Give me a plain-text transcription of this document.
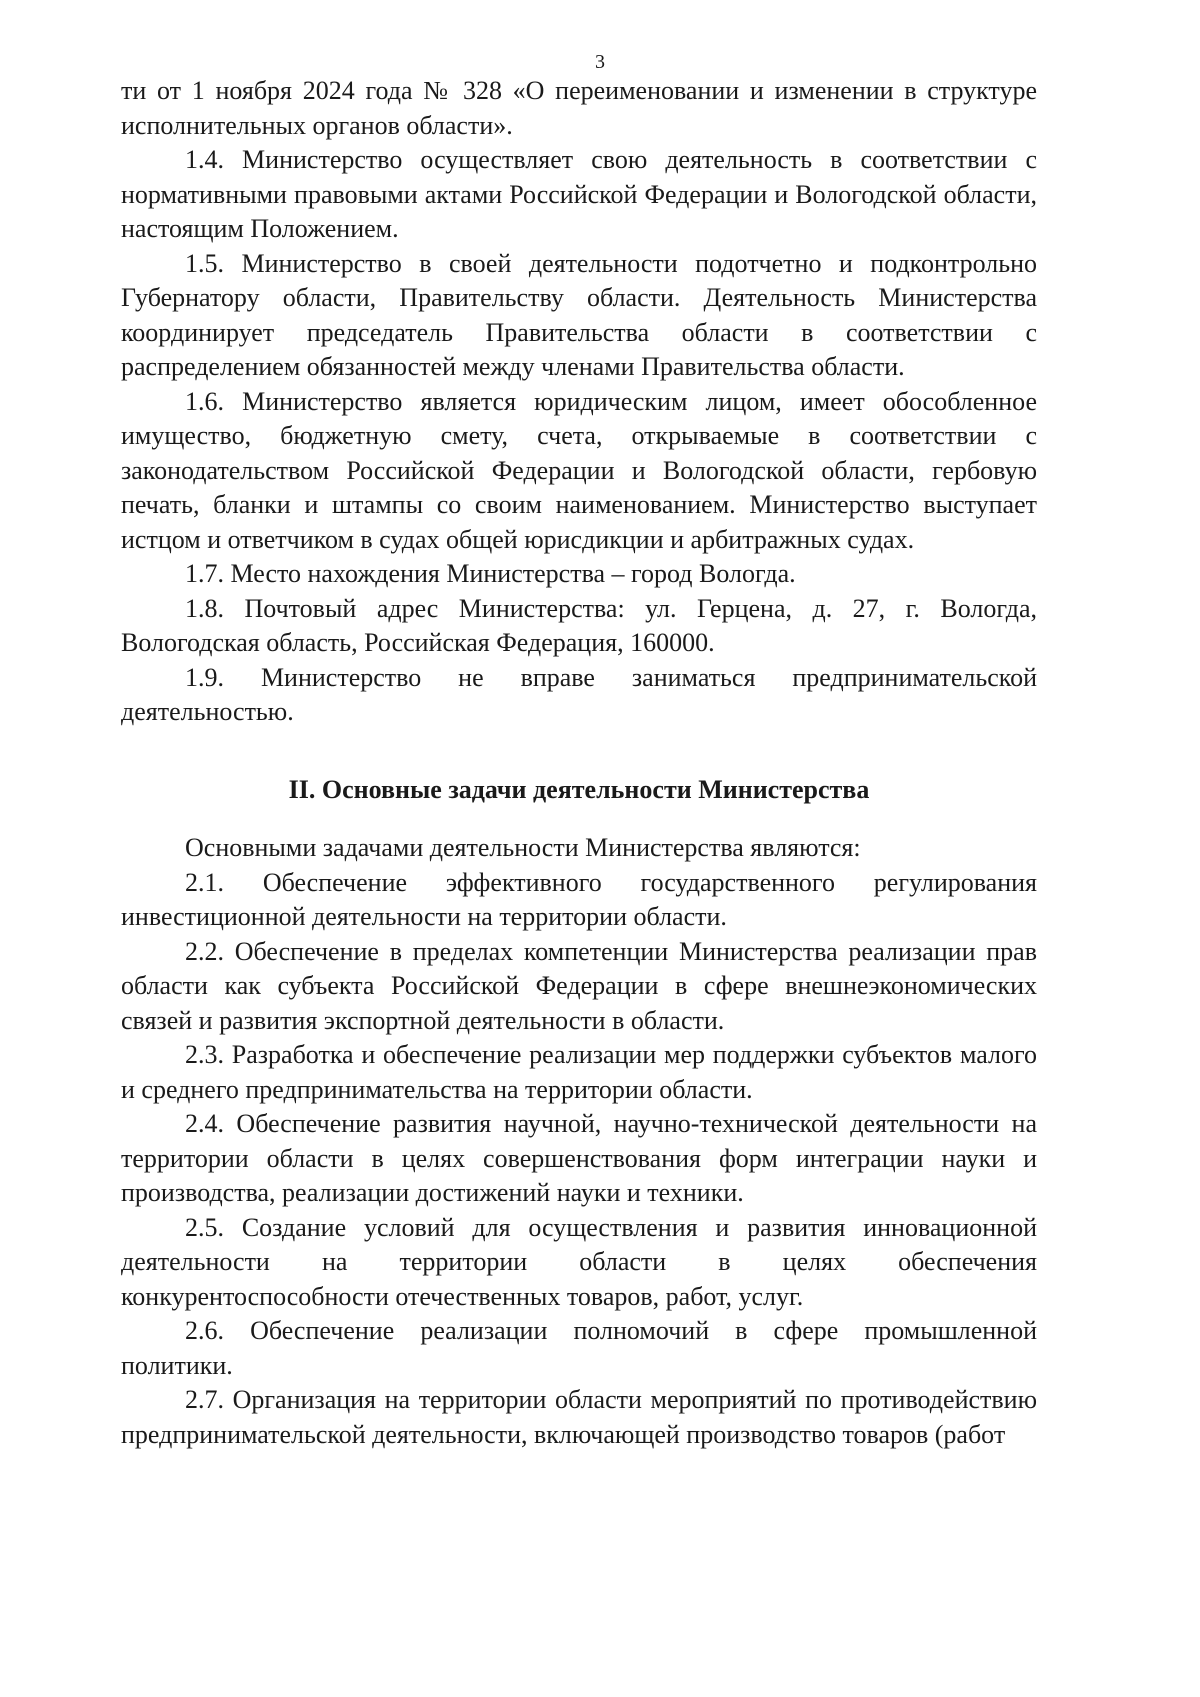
3

ти от 1 ноября 2024 года № 328 «О переименовании и изменении в структуре исполнительных органов области».

1.4. Министерство осуществляет свою деятельность в соответствии с нормативными правовыми актами Российской Федерации и Вологодской области, настоящим Положением.

1.5. Министерство в своей деятельности подотчетно и подконтрольно Губернатору области, Правительству области. Деятельность Министерства координирует председатель Правительства области в соответствии с распределением обязанностей между членами Правительства области.

1.6. Министерство является юридическим лицом, имеет обособленное имущество, бюджетную смету, счета, открываемые в соответствии с законодательством Российской Федерации и Вологодской области, гербовую печать, бланки и штампы со своим наименованием. Министерство выступает истцом и ответчиком в судах общей юрисдикции и арбитражных судах.

1.7. Место нахождения Министерства – город Вологда.

1.8. Почтовый адрес Министерства: ул. Герцена, д. 27, г. Вологда, Вологодская область, Российская Федерация, 160000.

1.9. Министерство не вправе заниматься предпринимательской деятельностью.

II. Основные задачи деятельности Министерства

Основными задачами деятельности Министерства являются:

2.1. Обеспечение эффективного государственного регулирования инвестиционной деятельности на территории области.

2.2. Обеспечение в пределах компетенции Министерства реализации прав области как субъекта Российской Федерации в сфере внешнеэкономических связей и развития экспортной деятельности в области.

2.3. Разработка и обеспечение реализации мер поддержки субъектов малого и среднего предпринимательства на территории области.

2.4. Обеспечение развития научной, научно-технической деятельности на территории области в целях совершенствования форм интеграции науки и производства, реализации достижений науки и техники.

2.5. Создание условий для осуществления и развития инновационной деятельности на территории области в целях обеспечения конкурентоспособности отечественных товаров, работ, услуг.

2.6. Обеспечение реализации полномочий в сфере промышленной политики.

2.7. Организация на территории области мероприятий по противодействию предпринимательской деятельности, включающей производство товаров (работ
